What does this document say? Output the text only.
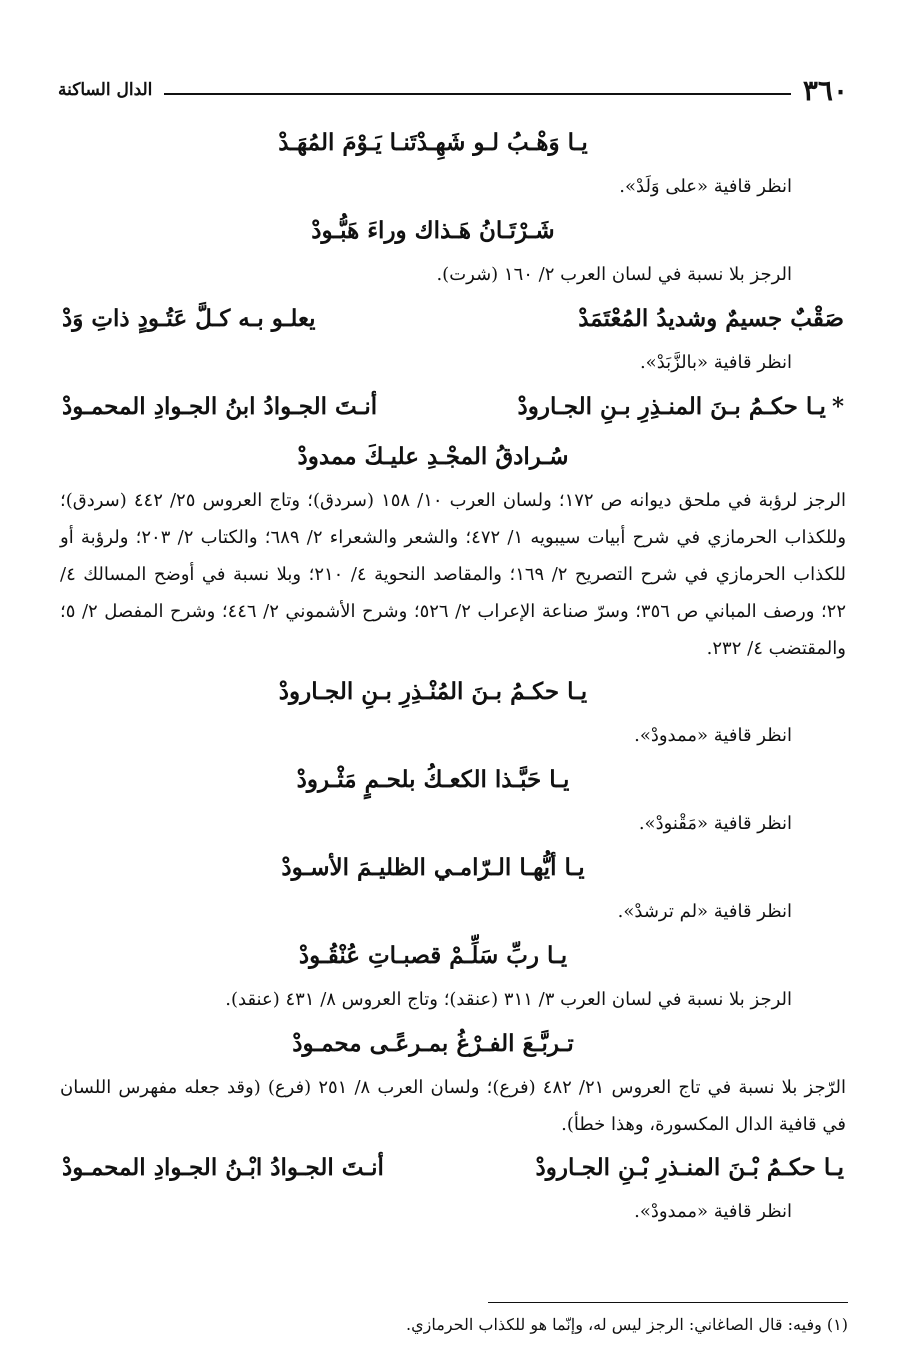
الدال الساكنة	٣٦٠
يـا وَهْـبُ لـو شَهِـدْتَنـا يَـوْمَ المُهَـدْ
انظر قافية «على وَلَدْ».
شَـرْتَـانُ هَـذاك وراءَ هَبُّـودْ
الرجز بلا نسبة في لسان العرب ٢/ ١٦٠ (شرت).
صَقْبٌ جسيمٌ وشديدُ المُعْتَمَدْ
يعلـو بـه كـلَّ عَتُـودٍ ذاتِ وَدْ
انظر قافية «بالزَّبَدْ».
*يـا حكـمُ بـنَ المنـذِرِ بـنِ الجـارودْ
أنـتَ الجـوادُ ابنُ الجـوادِ المحمـودْ
سُـرادقُ المجْـدِ عليـكَ ممدودْ
الرجز لرؤبة في ملحق ديوانه ص ١٧٢؛ ولسان العرب ١٠/ ١٥٨ (سردق)؛ وتاج العروس ٢٥/ ٤٤٢ (سردق)؛ وللكذاب الحرمازي في شرح أبيات سيبويه ١/ ٤٧٢؛ والشعر والشعراء ٢/ ٦٨٩؛ والكتاب ٢/ ٢٠٣؛ ولرؤبة أو للكذاب الحرمازي في شرح التصريح ٢/ ١٦٩؛ والمقاصد النحوية ٤/ ٢١٠؛ وبلا نسبة في أوضح المسالك ٤/ ٢٢؛ ورصف المباني ص ٣٥٦؛ وسرّ صناعة الإعراب ٢/ ٥٢٦؛ وشرح الأشموني ٢/ ٤٤٦؛ وشرح المفصل ٢/ ٥؛ والمقتضب ٤/ ٢٣٢.
يـا حكـمُ بـنَ المُنْـذِرِ بـنِ الجـارودْ
انظر قافية «ممدودْ».
يـا حَبَّـذا الكعـكُ بلحـمٍ مَثْـرودْ
انظر قافية «مَقْنودْ».
يـا أيُّهـا الـرّامـي الظليـمَ الأسـودْ
انظر قافية «لم ترشدْ».
يـا ربِّ سَلِّـمْ قصبـاتِ عُنْقُـودْ
الرجز بلا نسبة في لسان العرب ٣/ ٣١١ (عنقد)؛ وتاج العروس ٨/ ٤٣١ (عنقد).
تـربَّـعَ الفـرْغُ بمـرعًـى محمـودْ
الرّجز بلا نسبة في تاج العروس ٢١/ ٤٨٢ (فرع)؛ ولسان العرب ٨/ ٢٥١ (فرع) (وقد جعله مفهرس اللسان في قافية الدال المكسورة، وهذا خطأ).
يـا حكـمُ بْـنَ المنـذرِ بْـنِ الجـارودْ
أنـتَ الجـوادُ ابْـنُ الجـوادِ المحمـودْ
انظر قافية «ممدودْ».
(١) وفيه: قال الصاغاني: الرجز ليس له، وإنّما هو للكذاب الحرمازي.
